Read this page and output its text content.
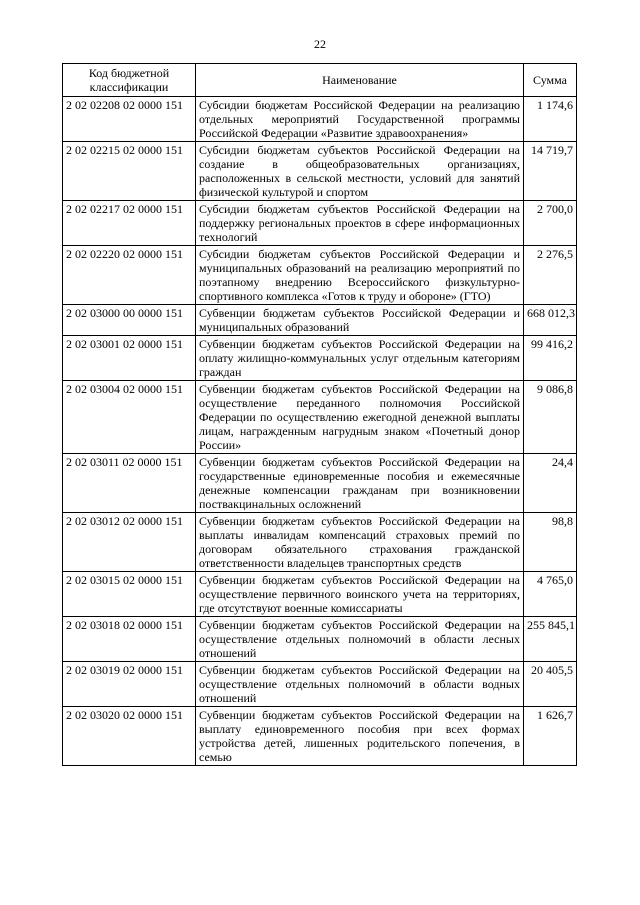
22
Код бюджетной классификации	Наименование	Сумма
2 02 02208 02 0000 151	Субсидии бюджетам Российской Федерации на реализацию отдельных мероприятий Государственной программы Российской Федерации «Развитие здравоохранения»	1 174,6
2 02 02215 02 0000 151	Субсидии бюджетам субъектов Российской Федерации на создание в общеобразовательных организациях, расположенных в сельской местности, условий для занятий физической культурой и спортом	14 719,7
2 02 02217 02 0000 151	Субсидии бюджетам субъектов Российской Федерации на поддержку региональных проектов в сфере информационных технологий	2 700,0
2 02 02220 02 0000 151	Субсидии бюджетам субъектов Российской Федерации и муниципальных образований на реализацию мероприятий по поэтапному внедрению Всероссийского физкультурно-спортивного комплекса «Готов к труду и обороне» (ГТО)	2 276,5
2 02 03000 00 0000 151	Субвенции бюджетам субъектов Российской Федерации и муниципальных образований	668 012,3
2 02 03001 02 0000 151	Субвенции бюджетам субъектов Российской Федерации на оплату жилищно-коммунальных услуг отдельным категориям граждан	99 416,2
2 02 03004 02 0000 151	Субвенции бюджетам субъектов Российской Федерации на осуществление переданного полномочия Российской Федерации по осуществлению ежегодной денежной выплаты лицам, награжденным нагрудным знаком «Почетный донор России»	9 086,8
2 02 03011 02 0000 151	Субвенции бюджетам субъектов Российской Федерации на государственные единовременные пособия и ежемесячные денежные компенсации гражданам при возникновении поствакцинальных осложнений	24,4
2 02 03012 02 0000 151	Субвенции бюджетам субъектов Российской Федерации на выплаты инвалидам компенсаций страховых премий по договорам обязательного страхования гражданской ответственности владельцев транспортных средств	98,8
2 02 03015 02 0000 151	Субвенции бюджетам субъектов Российской Федерации на осуществление первичного воинского учета на территориях, где отсутствуют военные комиссариаты	4 765,0
2 02 03018 02 0000 151	Субвенции бюджетам субъектов Российской Федерации на осуществление отдельных полномочий в области лесных отношений	255 845,1
2 02 03019 02 0000 151	Субвенции бюджетам субъектов Российской Федерации на осуществление отдельных полномочий в области водных отношений	20 405,5
2 02 03020 02 0000 151	Субвенции бюджетам субъектов Российской Федерации на выплату единовременного пособия при всех формах устройства детей, лишенных родительского попечения, в семью	1 626,7
